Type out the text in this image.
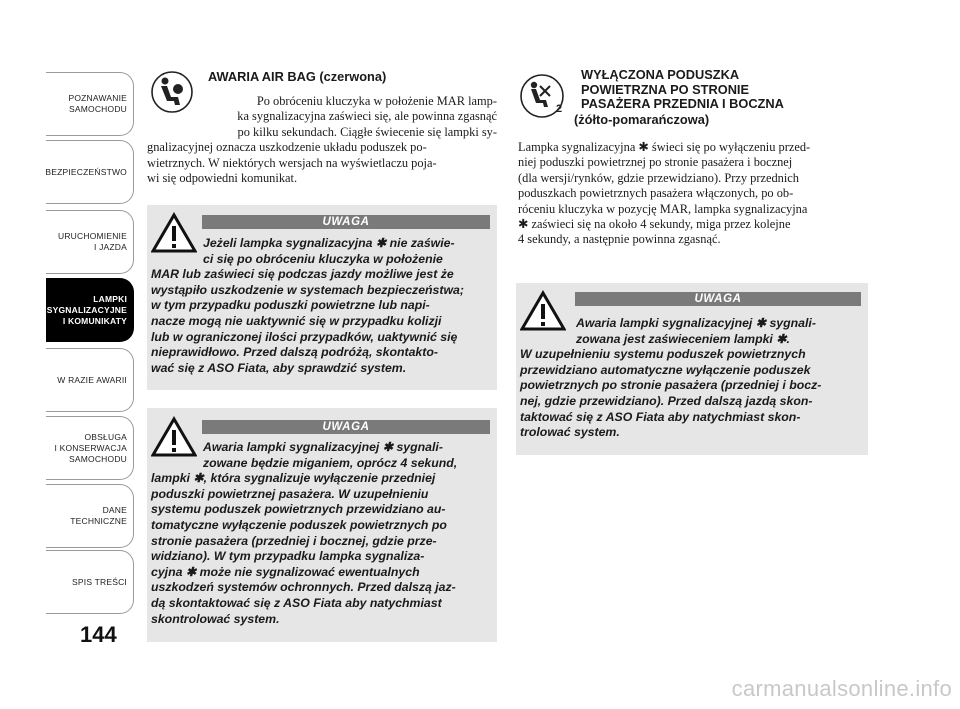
POZNAWANIE
SAMOCHODU
BEZPIECZEŃSTWO
URUCHOMIENIE
I JAZDA
LAMPKI
SYGNALIZACYJNE
I KOMUNIKATY
W RAZIE AWARII
OBSŁUGA
I KONSERWACJA
SAMOCHODU
DANE
TECHNICZNE
SPIS TREŚCI
144
AWARIA AIR BAG (czerwona)
Po obróceniu kluczyka w położenie MAR lamp-
ka sygnalizacyjna zaświeci się, ale powinna zgasnąć
po kilku sekundach. Ciągłe świecenie się lampki sy-
gnalizacyjnej oznacza uszkodzenie układu poduszek po-
wietrznych. W niektórych wersjach na wyświetlaczu poja-
wi się odpowiedni komunikat.
UWAGA
Jeżeli lampka sygnalizacyjna ✱ nie zaświe-
ci się po obróceniu kluczyka w położenie
MAR lub zaświeci się podczas jazdy możliwe jest że
wystąpiło uszkodzenie w systemach bezpieczeństwa;
w tym przypadku poduszki powietrzne lub napi-
nacze mogą nie uaktywnić się w przypadku kolizji
lub w ograniczonej ilości przypadków, uaktywnić się
nieprawidłowo. Przed dalszą podróżą, skontakto-
wać się z ASO Fiata, aby sprawdzić system.
UWAGA
Awaria lampki sygnalizacyjnej ✱ sygnali-
zowane będzie miganiem, oprócz 4 sekund,
lampki ✱, która sygnalizuje wyłączenie przedniej
poduszki powietrznej pasażera. W uzupełnieniu
systemu poduszek powietrznych przewidziano au-
tomatyczne wyłączenie poduszek powietrznych po
stronie pasażera (przedniej i bocznej, gdzie prze-
widziano). W tym przypadku lampka sygnaliza-
cyjna ✱ może nie sygnalizować ewentualnych
uszkodzeń systemów ochronnych. Przed dalszą jaz-
dą skontaktować się z ASO Fiata aby natychmiast
skontrolować system.
2
WYŁĄCZONA PODUSZKA
POWIETRZNA PO STRONIE
PASAŻERA PRZEDNIA I BOCZNA
(żółto-pomarańczowa)
Lampka sygnalizacyjna ✱ świeci się po wyłączeniu przed-
niej poduszki powietrznej po stronie pasażera i bocznej
(dla wersji/rynków, gdzie przewidziano). Przy przednich
poduszkach powietrznych pasażera włączonych, po ob-
róceniu kluczyka w pozycję MAR, lampka sygnalizacyjna
✱ zaświeci się na około 4 sekundy, miga przez kolejne
4 sekundy, a następnie powinna zgasnąć.
UWAGA
Awaria lampki sygnalizacyjnej ✱ sygnali-
zowana jest zaświeceniem lampki ✱.
W uzupełnieniu systemu poduszek powietrznych
przewidziano automatyczne wyłączenie poduszek
powietrznych po stronie pasażera (przedniej i bocz-
nej, gdzie przewidziano). Przed dalszą jazdą skon-
taktować się z ASO Fiata aby natychmiast skon-
trolować system.
carmanualsonline.info
